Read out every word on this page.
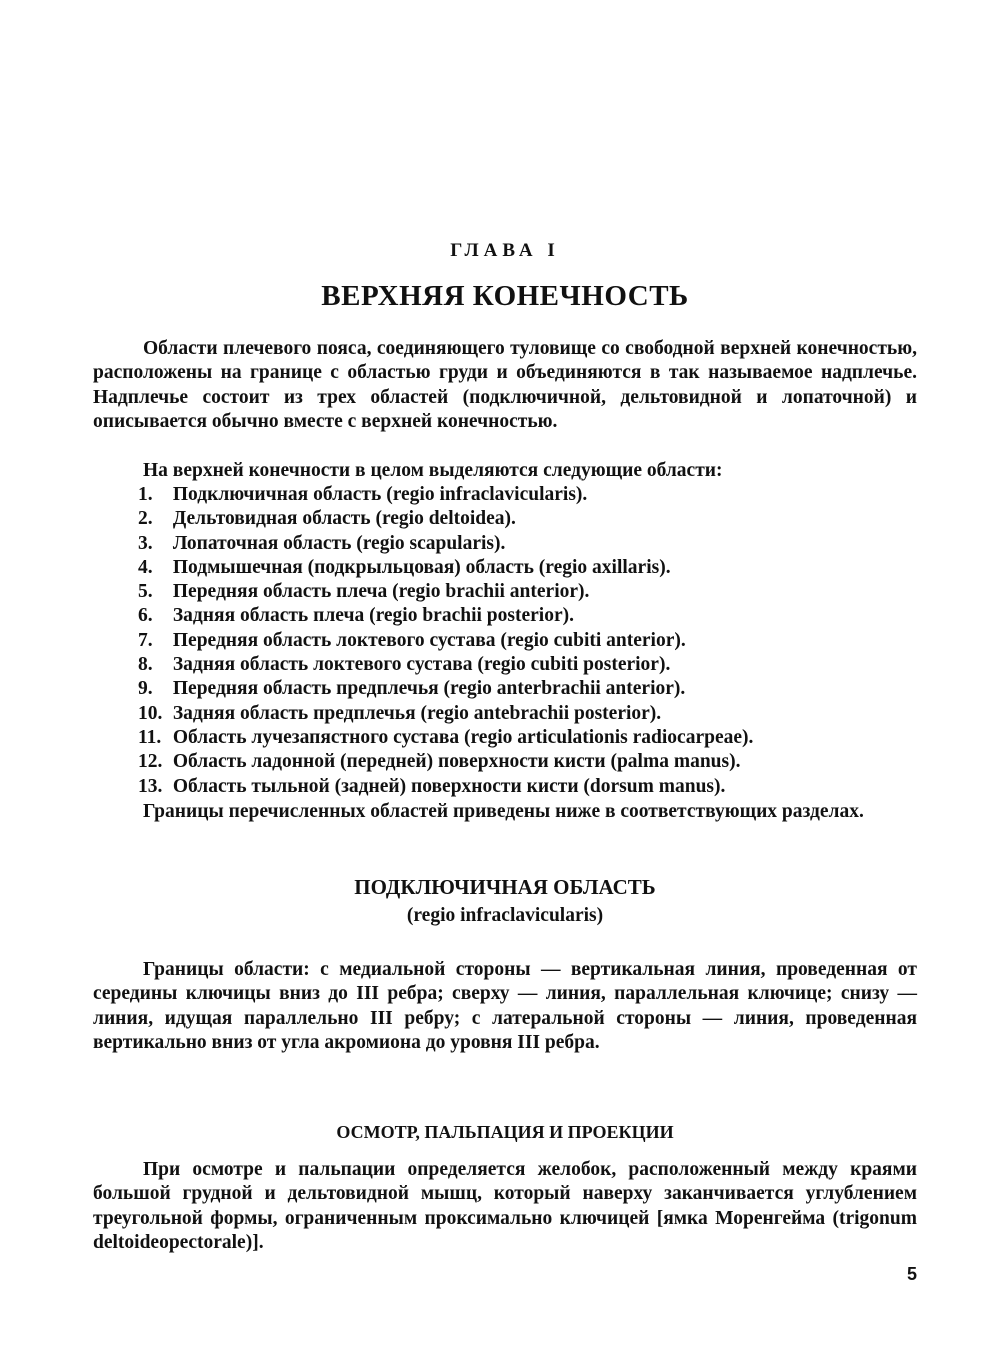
ГЛАВА I
ВЕРХНЯЯ КОНЕЧНОСТЬ
Области плечевого пояса, соединяющего туловище со свободной верхней конечностью, расположены на границе с областью груди и объединяются в так называемое надплечье. Надплечье состоит из трех областей (подключичной, дельтовидной и лопаточной) и описывается обычно вместе с верхней конечностью.
На верхней конечности в целом выделяются следующие области:
1. Подключичная область (regio infraclavicularis).
2. Дельтовидная область (regio deltoidea).
3. Лопаточная область (regio scapularis).
4. Подмышечная (подкрыльцовая) область (regio axillaris).
5. Передняя область плеча (regio brachii anterior).
6. Задняя область плеча (regio brachii posterior).
7. Передняя область локтевого сустава (regio cubiti anterior).
8. Задняя область локтевого сустава (regio cubiti posterior).
9. Передняя область предплечья (regio anterbrachii anterior).
10. Задняя область предплечья (regio antebrachii posterior).
11. Область лучезапястного сустава (regio articulationis radiocarpeae).
12. Область ладонной (передней) поверхности кисти (palma manus).
13. Область тыльной (задней) поверхности кисти (dorsum manus).
Границы перечисленных областей приведены ниже в соответствующих разделах.
ПОДКЛЮЧИЧНАЯ ОБЛАСТЬ
(regio infraclavicularis)
Границы области: с медиальной стороны — вертикальная линия, проведенная от середины ключицы вниз до III ребра; сверху — линия, параллельная ключице; снизу — линия, идущая параллельно III ребру; с латеральной стороны — линия, проведенная вертикально вниз от угла акромиона до уровня III ребра.
ОСМОТР, ПАЛЬПАЦИЯ И ПРОЕКЦИИ
При осмотре и пальпации определяется желобок, расположенный между краями большой грудной и дельтовидной мышц, который наверху заканчивается углублением треугольной формы, ограниченным проксимально ключицей [ямка Моренгейма (trigonum deltoideopectorale)].
5
